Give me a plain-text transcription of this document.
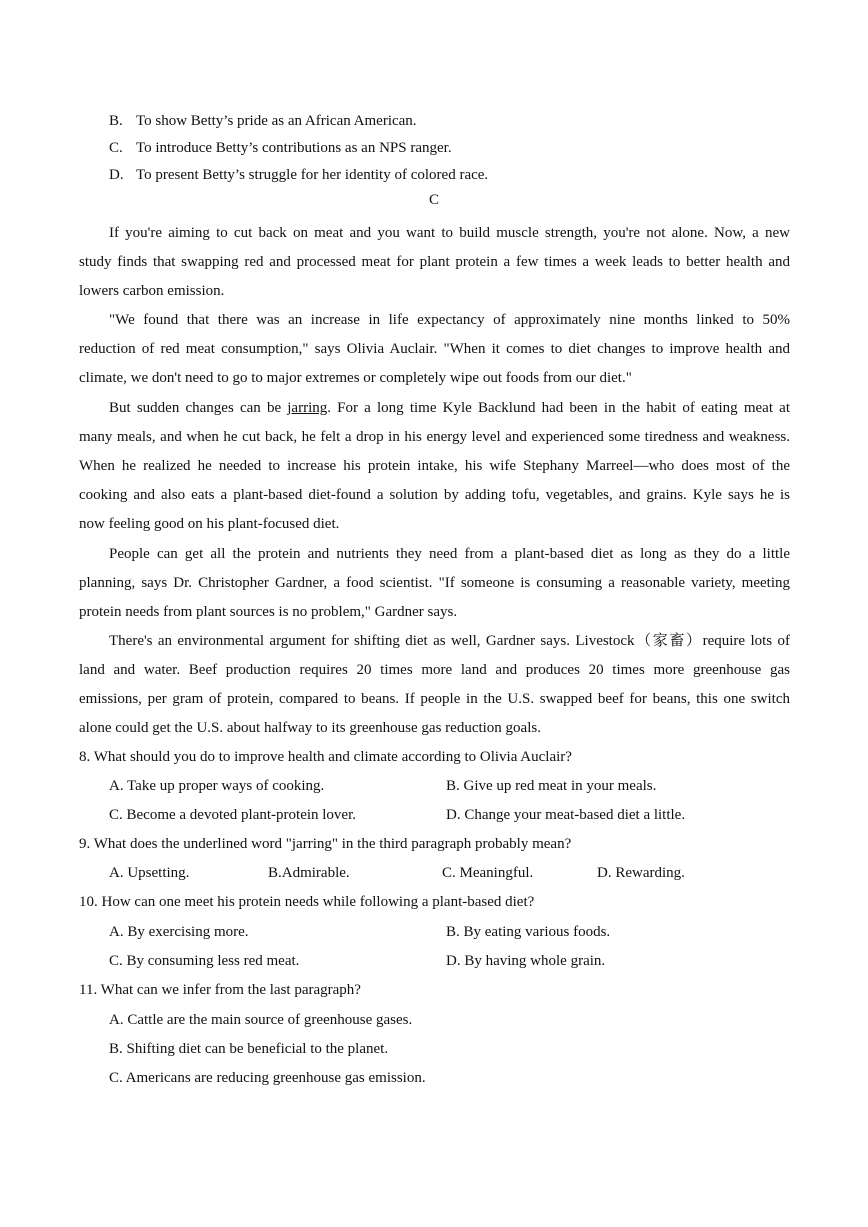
B. To show Betty’s pride as an African American.
C. To introduce Betty’s contributions as an NPS ranger.
D. To present Betty’s struggle for her identity of colored race.
C
If you're aiming to cut back on meat and you want to build muscle strength, you're not alone. Now, a new
study finds that swapping red and processed meat for plant protein a few times a week leads to better health and
lowers carbon emission.
"We found that there was an increase in life expectancy of approximately nine months linked to 50%
reduction of red meat consumption," says Olivia Auclair. "When it comes to diet changes to improve health and
climate, we don't need to go to major extremes or completely wipe out foods from our diet."
But sudden changes can be jarring. For a long time Kyle Backlund had been in the habit of eating meat at
many meals, and when he cut back, he felt a drop in his energy level and experienced some tiredness and weakness.
When he realized he needed to increase his protein intake, his wife Stephany Marreel—who does most of the
cooking and also eats a plant-based diet-found a solution by adding tofu, vegetables, and grains. Kyle says he is
now feeling good on his plant-focused diet.
People can get all the protein and nutrients they need from a plant-based diet as long as they do a little
planning, says Dr. Christopher Gardner, a food scientist. "If someone is consuming a reasonable variety, meeting
protein needs from plant sources is no problem," Gardner says.
There's an environmental argument for shifting diet as well, Gardner says. Livestock（家畜）require lots of
land and water. Beef production requires 20 times more land and produces 20 times more greenhouse gas
emissions, per gram of protein, compared to beans. If people in the U.S. swapped beef for beans, this one switch
alone could get the U.S. about halfway to its greenhouse gas reduction goals.
8. What should you do to improve health and climate according to Olivia Auclair?
A. Take up proper ways of cooking.	B. Give up red meat in your meals.
C. Become a devoted plant-protein lover.	D. Change your meat-based diet a little.
9. What does the underlined word "jarring" in the third paragraph probably mean?
A. Upsetting.	B.Admirable.	C. Meaningful.	D. Rewarding.
10. How can one meet his protein needs while following a plant-based diet?
A. By exercising more.	B. By eating various foods.
C. By consuming less red meat.	D. By having whole grain.
11. What can we infer from the last paragraph?
A. Cattle are the main source of greenhouse gases.
B. Shifting diet can be beneficial to the planet.
C. Americans are reducing greenhouse gas emission.
